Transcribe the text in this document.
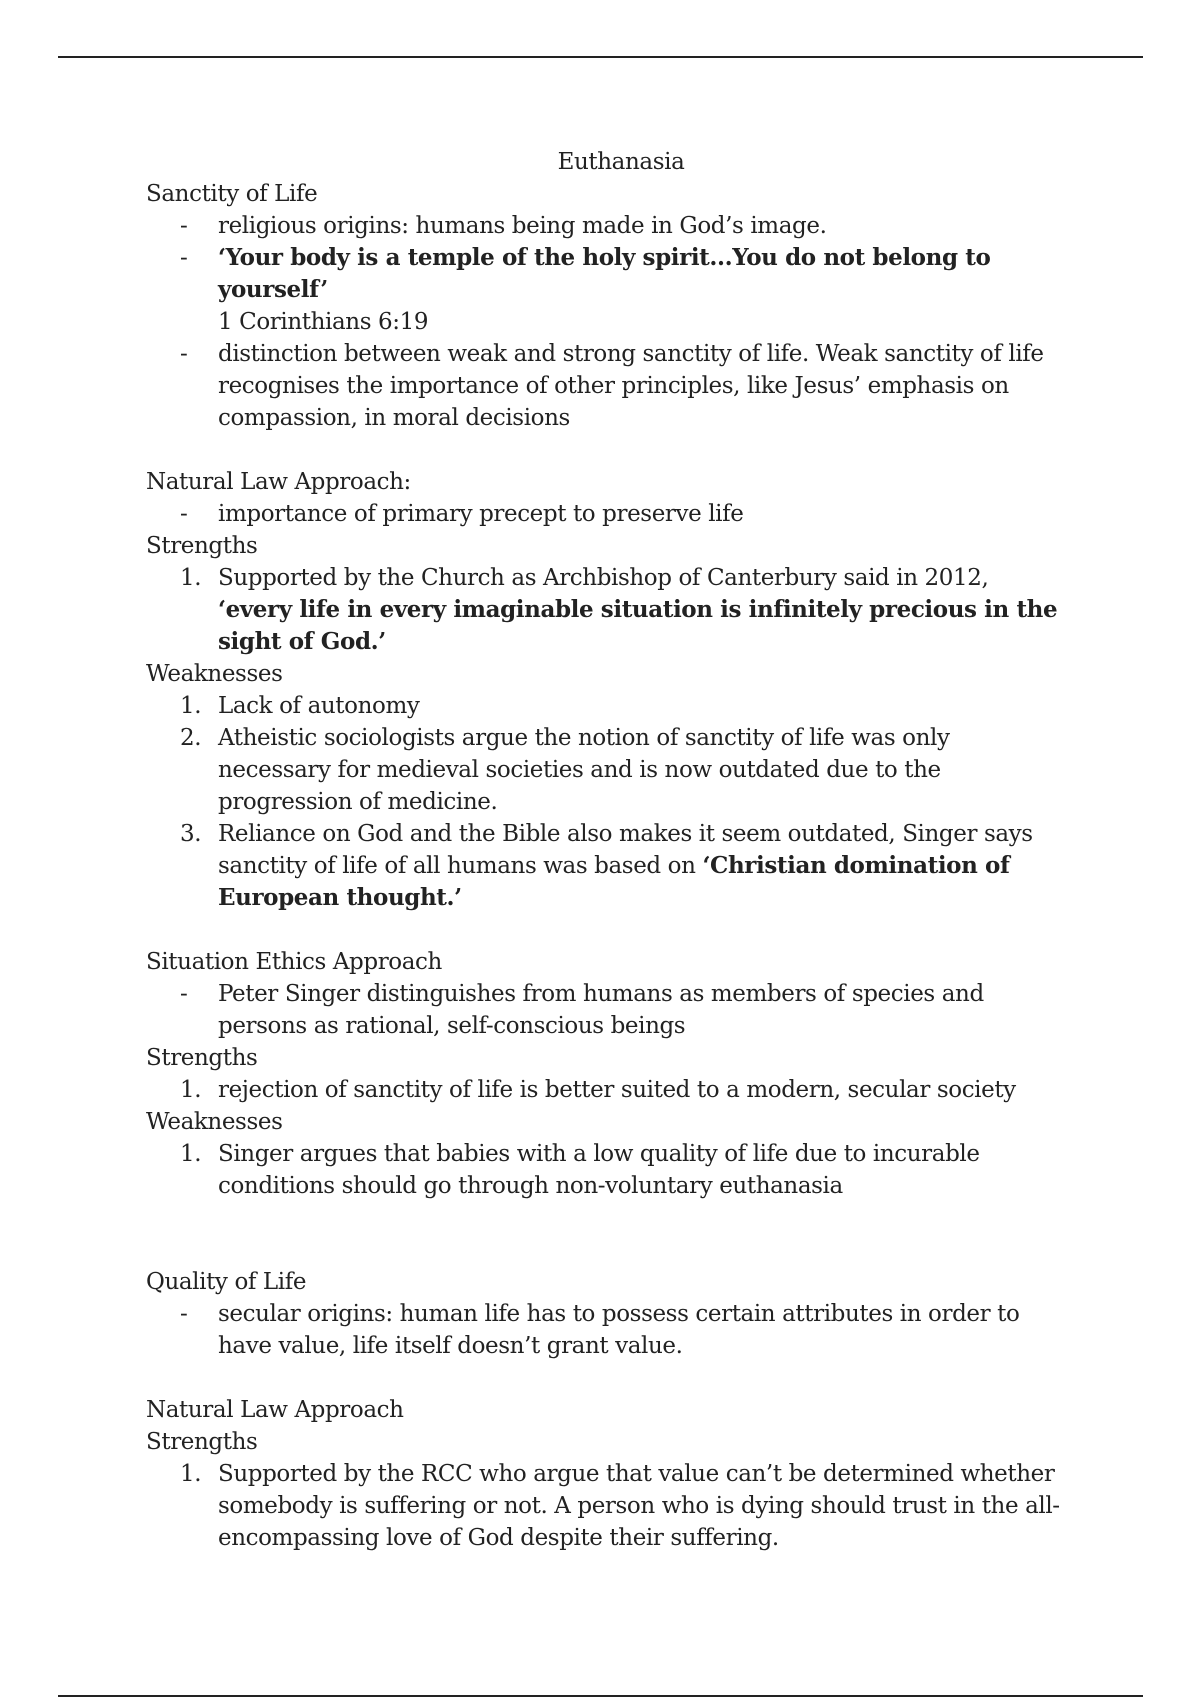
Euthanasia
Sanctity of Life
- religious origins: humans being made in God’s image.
- ‘Your body is a temple of the holy spirit...You do not belong to yourself’
1 Corinthians 6:19
- distinction between weak and strong sanctity of life. Weak sanctity of life recognises the importance of other principles, like Jesus’ emphasis on compassion, in moral decisions
Natural Law Approach:
- importance of primary precept to preserve life
Strengths
1. Supported by the Church as Archbishop of Canterbury said in 2012, ‘every life in every imaginable situation is infinitely precious in the sight of God.’
Weaknesses
1. Lack of autonomy
2. Atheistic sociologists argue the notion of sanctity of life was only necessary for medieval societies and is now outdated due to the progression of medicine.
3. Reliance on God and the Bible also makes it seem outdated, Singer says sanctity of life of all humans was based on ‘Christian domination of European thought.’
Situation Ethics Approach
- Peter Singer distinguishes from humans as members of species and persons as rational, self-conscious beings
Strengths
1. rejection of sanctity of life is better suited to a modern, secular society
Weaknesses
1. Singer argues that babies with a low quality of life due to incurable conditions should go through non-voluntary euthanasia
Quality of Life
- secular origins: human life has to possess certain attributes in order to have value, life itself doesn’t grant value.
Natural Law Approach
Strengths
1. Supported by the RCC who argue that value can’t be determined whether somebody is suffering or not. A person who is dying should trust in the all-encompassing love of God despite their suffering.
